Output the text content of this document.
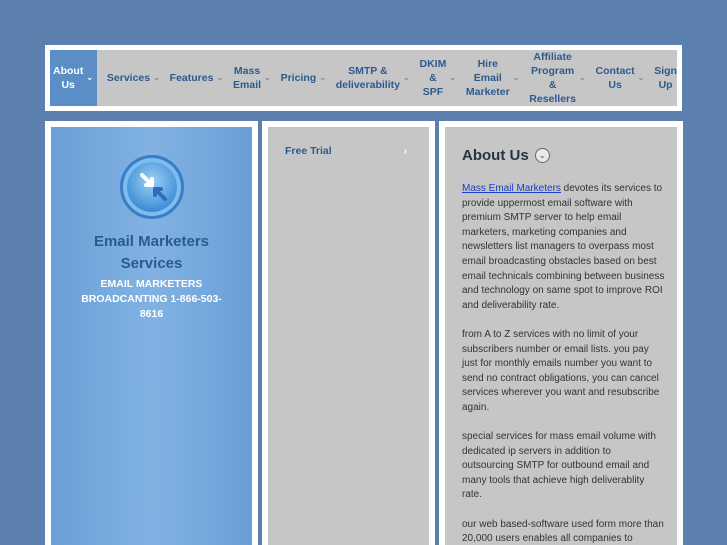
About
Us
⌄ Services ⌄ Features ⌄
Mass
Email
⌄ Pricing ⌄
SMTP &
deliverability
⌄
DKIM
&
SPF
⌄
Hire
Email
Marketer
⌄
Affiliate
Program
&
Resellers
⌄
Contact
Us
⌄
Sign
Up
Email Marketers Services
EMAIL MARKETERS BROADCANTING 1-866-503-8616
Free Trial	›	About Us	⌄

Mass Email Marketers devotes its services to provide uppermost email software with premium SMTP server to help email marketers, marketing companies and newsletters list managers to overpass most email broadcasting obstacles based on best email technicals combining between business and technology on same spot to improve ROI and deliverability rate.

from A to Z services with no limit of your subscribers number or email lists. you pay just for monthly emails number you want to send no contract obligations, you can cancel services wherever you want and resubscribe again.

special services for mass email volume with dedicated ip servers in addition to outsourcing SMTP for outbound email and many tools that achieve high deliverablity rate.

our web based-software used form more than 20,000 users enables all companies to
